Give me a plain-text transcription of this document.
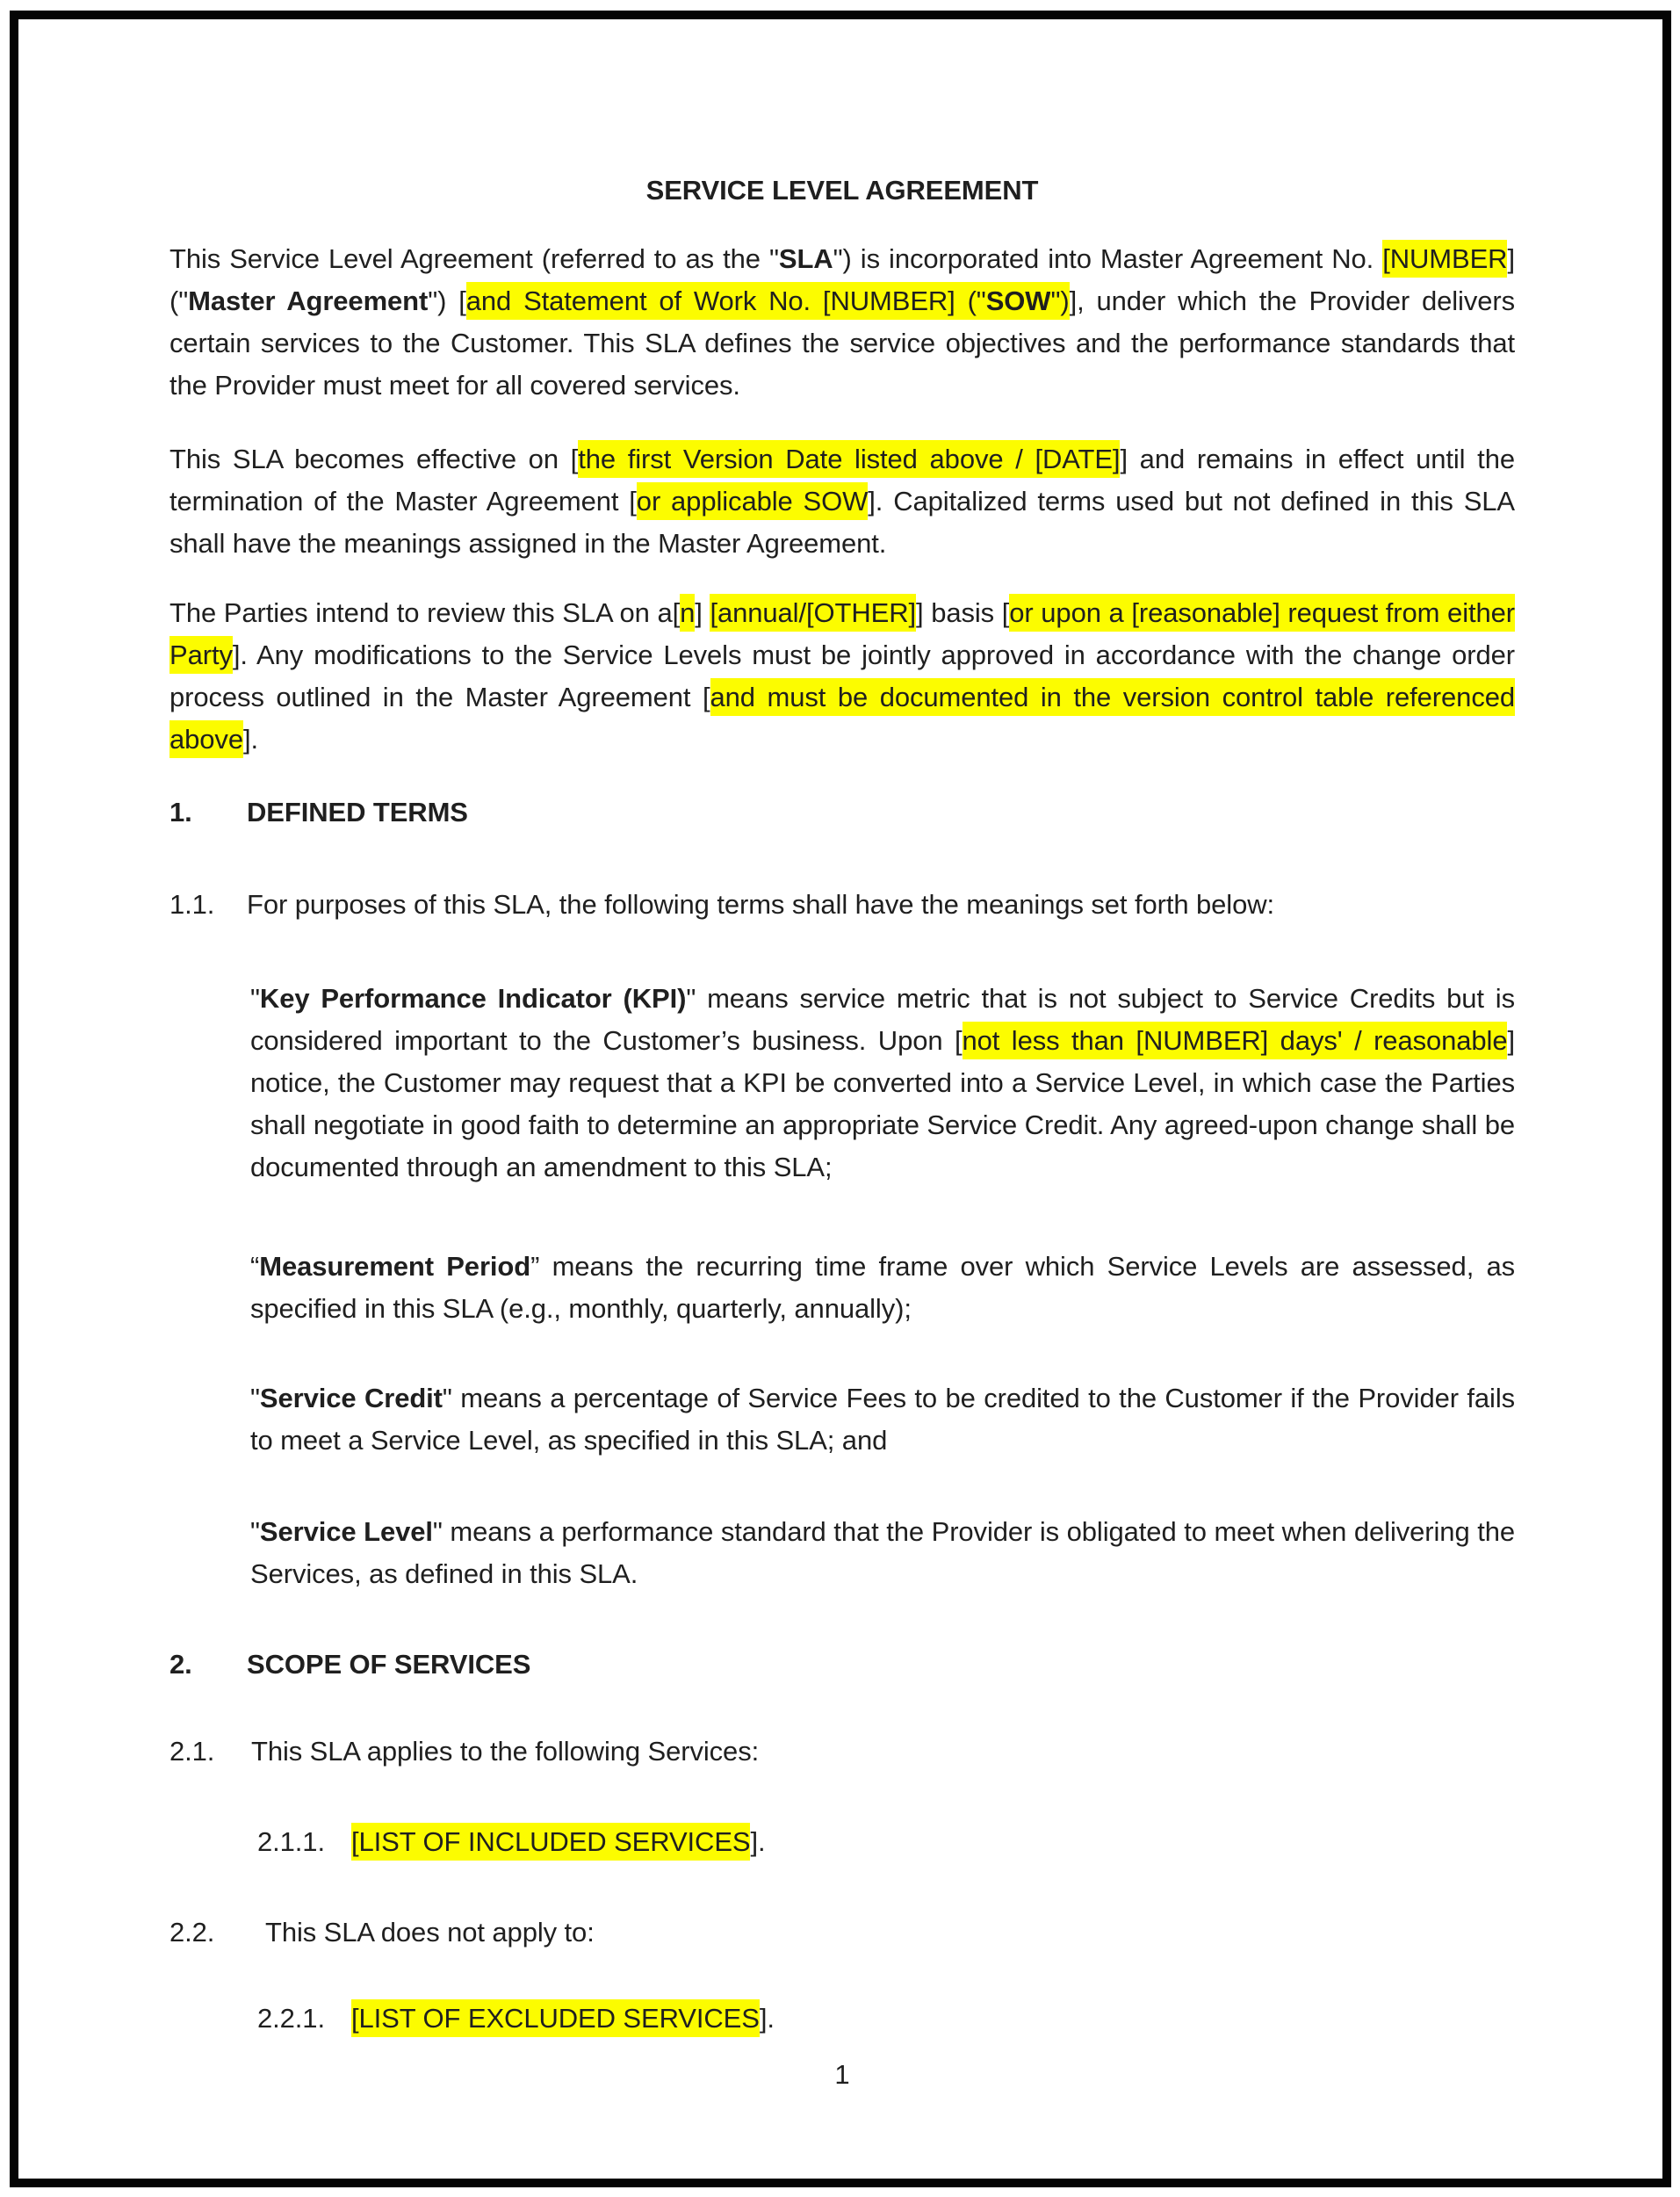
SERVICE LEVEL AGREEMENT
This Service Level Agreement (referred to as the "SLA") is incorporated into Master Agreement No. [NUMBER] ("Master Agreement") [and Statement of Work No. [NUMBER] ("SOW")], under which the Provider delivers certain services to the Customer. This SLA defines the service objectives and the performance standards that the Provider must meet for all covered services.
This SLA becomes effective on [the first Version Date listed above / [DATE]] and remains in effect until the termination of the Master Agreement [or applicable SOW]. Capitalized terms used but not defined in this SLA shall have the meanings assigned in the Master Agreement.
The Parties intend to review this SLA on a[n] [annual/[OTHER]] basis [or upon a [reasonable] request from either Party]. Any modifications to the Service Levels must be jointly approved in accordance with the change order process outlined in the Master Agreement [and must be documented in the version control table referenced above].
1.	DEFINED TERMS
1.1.	For purposes of this SLA, the following terms shall have the meanings set forth below:
"Key Performance Indicator (KPI)" means service metric that is not subject to Service Credits but is considered important to the Customer’s business. Upon [not less than [NUMBER] days' / reasonable] notice, the Customer may request that a KPI be converted into a Service Level, in which case the Parties shall negotiate in good faith to determine an appropriate Service Credit. Any agreed-upon change shall be documented through an amendment to this SLA;
“Measurement Period” means the recurring time frame over which Service Levels are assessed, as specified in this SLA (e.g., monthly, quarterly, annually);
"Service Credit" means a percentage of Service Fees to be credited to the Customer if the Provider fails to meet a Service Level, as specified in this SLA; and
"Service Level" means a performance standard that the Provider is obligated to meet when delivering the Services, as defined in this SLA.
2.	SCOPE OF SERVICES
2.1.	This SLA applies to the following Services:
2.1.1. [LIST OF INCLUDED SERVICES].
2.2.	This SLA does not apply to:
2.2.1. [LIST OF EXCLUDED SERVICES].
1
